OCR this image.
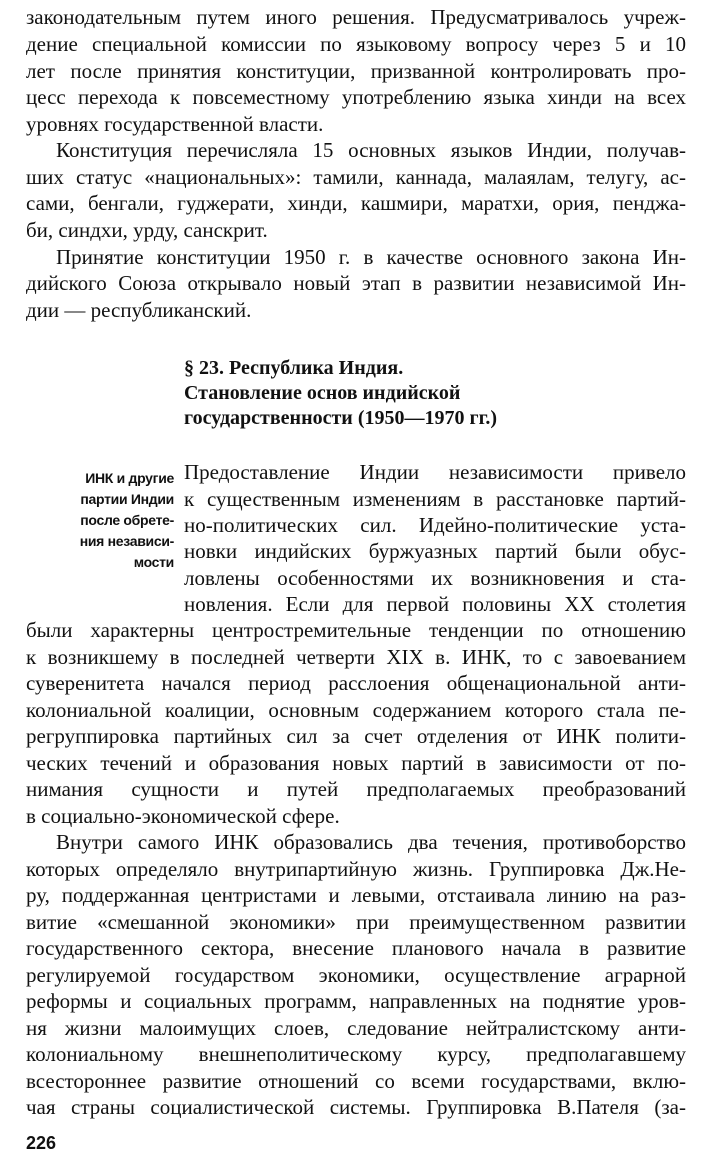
законодательным путем иного решения. Предусматривалось учреж-
дение специальной комиссии по языковому вопросу через 5 и 10
лет после принятия конституции, призванной контролировать про-
цесс перехода к повсеместному употреблению языка хинди на всех
уровнях государственной власти.
Конституция перечисляла 15 основных языков Индии, получав-
ших статус «национальных»: тамили, каннада, малаялам, телугу, ас-
сами, бенгали, гуджерати, хинди, кашмири, маратхи, ория, пенджа-
би, синдхи, урду, санскрит.
Принятие конституции 1950 г. в качестве основного закона Ин-
дийского Союза открывало новый этап в развитии независимой Ин-
дии — республиканский.
§ 23. Республика Индия.
Становление основ индийской
государственности (1950—1970 гг.)
ИНК и другие
партии Индии
после обрете-
ния независи-
мости
Предоставление Индии независимости привело
к существенным изменениям в расстановке партий-
но-политических сил. Идейно-политические уста-
новки индийских буржуазных партий были обус-
ловлены особенностями их возникновения и ста-
новления. Если для первой половины XX столетия
были характерны центростремительные тенденции по отношению
к возникшему в последней четверти XIX в. ИНК, то с завоеванием
суверенитета начался период расслоения общенациональной анти-
колониальной коалиции, основным содержанием которого стала пе-
регруппировка партийных сил за счет отделения от ИНК полити-
ческих течений и образования новых партий в зависимости от по-
нимания сущности и путей предполагаемых преобразований
в социально-экономической сфере.
Внутри самого ИНК образовались два течения, противоборство
которых определяло внутрипартийную жизнь. Группировка Дж.Не-
ру, поддержанная центристами и левыми, отстаивала линию на раз-
витие «смешанной экономики» при преимущественном развитии
государственного сектора, внесение планового начала в развитие
регулируемой государством экономики, осуществление аграрной
реформы и социальных программ, направленных на поднятие уров-
ня жизни малоимущих слоев, следование нейтралистскому анти-
колониальному внешнеполитическому курсу, предполагавшему
всестороннее развитие отношений со всеми государствами, вклю-
чая страны социалистической системы. Группировка В.Пателя (за-
226
